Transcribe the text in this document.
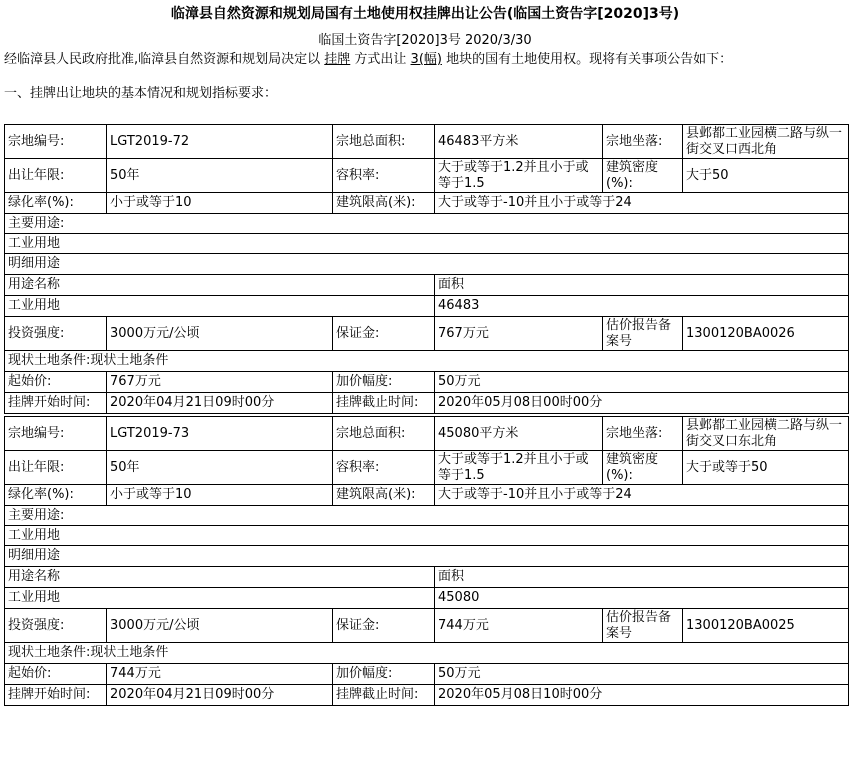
临漳县自然资源和规划局国有土地使用权挂牌出让公告(临国土资告字[2020]3号)
临国土资告字[2020]3号 2020/3/30
经临漳县人民政府批准,临漳县自然资源和规划局决定以 挂牌 方式出让 3(幅) 地块的国有土地使用权。现将有关事项公告如下：
一、挂牌出让地块的基本情况和规划指标要求：
宗地编号:	LGT2019-72	宗地总面积:	46483平方米	宗地坐落:	县邺都工业园横二路与纵一街交叉口西北角
出让年限:	50年	容积率:	大于或等于1.2并且小于或等于1.5	建筑密度(%):	大于50
绿化率(%):	小于或等于10	建筑限高(米):	大于或等于-10并且小于或等于24		
主要用途:					
工业用地					
明细用途					
用途名称			面积		
工业用地			46483		
投资强度:	3000万元/公顷	保证金:	767万元	估价报告备案号	1300120BA0026
现状土地条件:现状土地条件					
起始价:	767万元	加价幅度:	50万元		
挂牌开始时间:	2020年04月21日09时00分	挂牌截止时间:	2020年05月08日00时00分		
宗地编号:	LGT2019-73	宗地总面积:	45080平方米	宗地坐落:	县邺都工业园横二路与纵一街交叉口东北角
出让年限:	50年	容积率:	大于或等于1.2并且小于或等于1.5	建筑密度(%):	大于或等于50
绿化率(%):	小于或等于10	建筑限高(米):	大于或等于-10并且小于或等于24		
主要用途:					
工业用地					
明细用途					
用途名称			面积		
工业用地			45080		
投资强度:	3000万元/公顷	保证金:	744万元	估价报告备案号	1300120BA0025
现状土地条件:现状土地条件					
起始价:	744万元	加价幅度:	50万元		
挂牌开始时间:	2020年04月21日09时00分	挂牌截止时间:	2020年05月08日10时00分		
